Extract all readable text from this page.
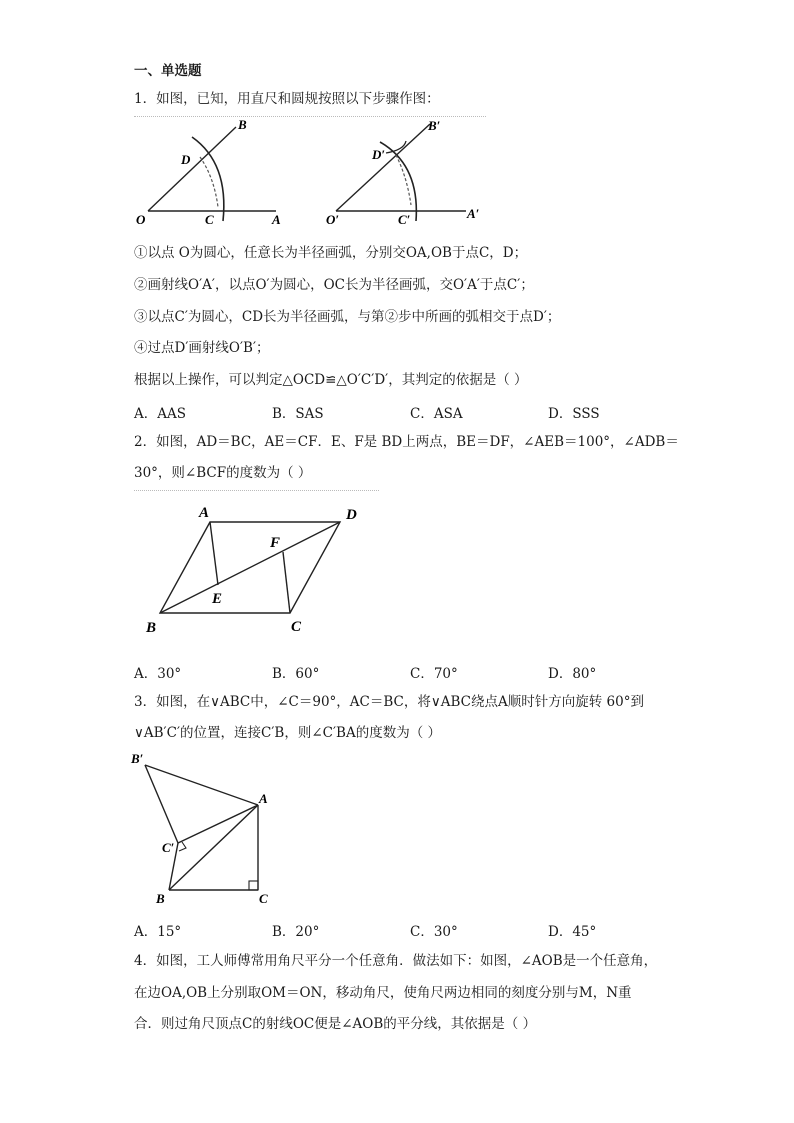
一、单选题
1．如图，已知，用直尺和圆规按照以下步骤作图：
B
D
O	C	A
B′
D′
O′	C′	A′
①以点 O为圆心，任意长为半径画弧，分别交OA,OB于点C，D；
②画射线O′A′，以点O′为圆心，OC长为半径画弧，交O′A′于点C′；
③以点C′为圆心，CD长为半径画弧，与第②步中所画的弧相交于点D′；
④过点D′画射线O′B′；
根据以上操作，可以判定△OCD≌△O′C′D′，其判定的依据是（ ）
A．AAS	B．SAS	C．ASA	D．SSS
2．如图，AD＝BC，AE＝CF．E、F是 BD上两点，BE＝DF，∠AEB＝100°，∠ADB＝
30°，则∠BCF的度数为（ ）
A	D
F
E
B	C
A．30°	B．60°	C．70°	D．80°
3．如图，在∨ABC中，∠C＝90°，AC＝BC，将∨ABC绕点A顺时针方向旋转 60°到
∨AB′C′的位置，连接C′B，则∠C′BA的度数为（ ）
B′
A
C′
B	C
A．15°	B．20°	C．30°	D．45°
4．如图，工人师傅常用角尺平分一个任意角．做法如下：如图，∠AOB是一个任意角，
在边OA,OB上分别取OM＝ON，移动角尺，使角尺两边相同的刻度分别与M，N重
合．则过角尺顶点C的射线OC便是∠AOB的平分线，其依据是（ ）
